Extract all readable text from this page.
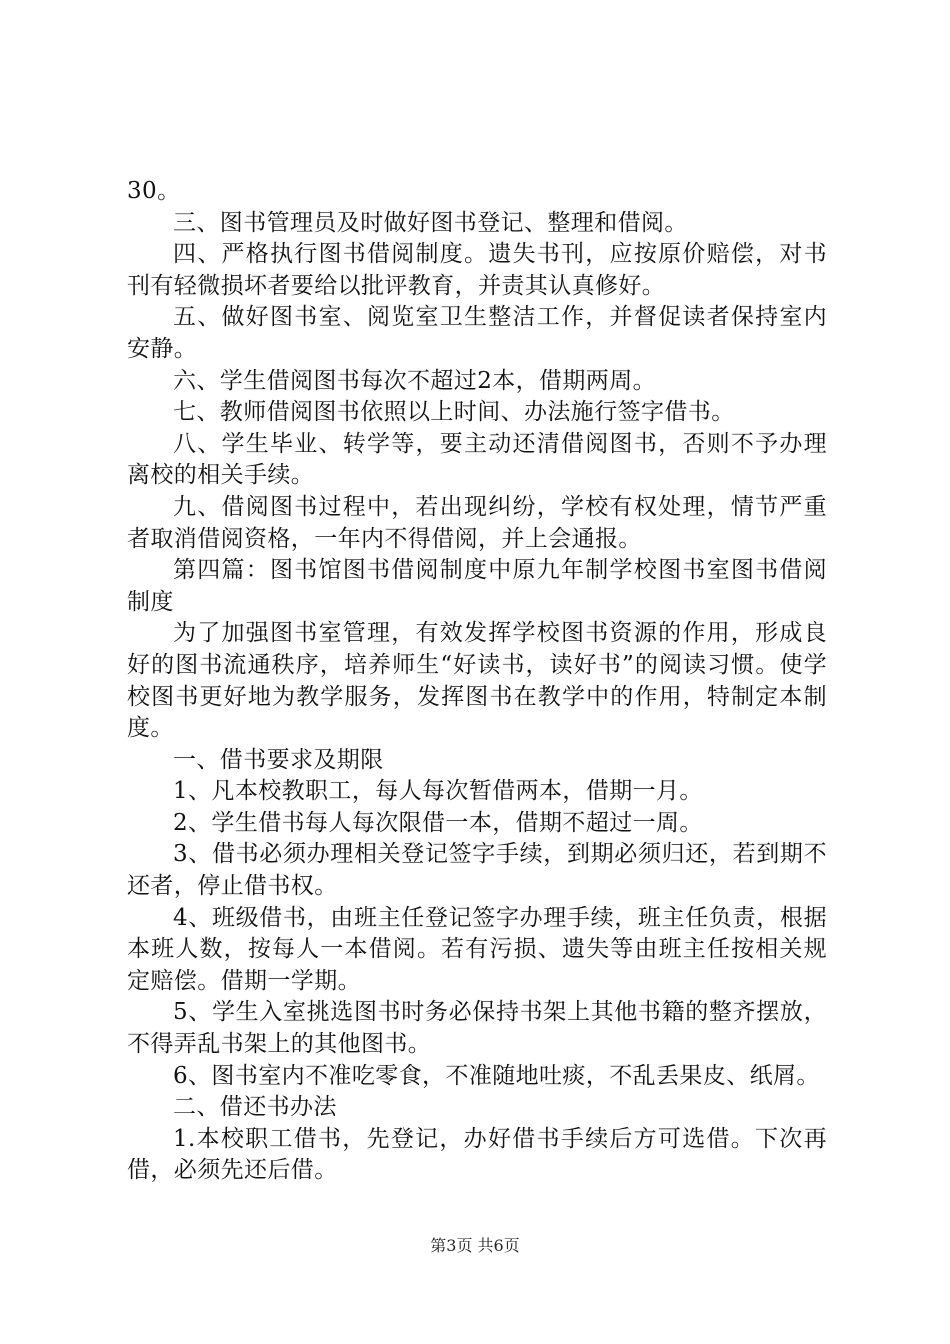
30。

三、图书管理员及时做好图书登记、整理和借阅。

四、严格执行图书借阅制度。遗失书刊，应按原价赔偿，对书刊有轻微损坏者要给以批评教育，并责其认真修好。

五、做好图书室、阅览室卫生整洁工作，并督促读者保持室内安静。

六、学生借阅图书每次不超过2本，借期两周。

七、教师借阅图书依照以上时间、办法施行签字借书。

八、学生毕业、转学等，要主动还清借阅图书，否则不予办理离校的相关手续。

九、借阅图书过程中，若出现纠纷，学校有权处理，情节严重者取消借阅资格，一年内不得借阅，并上会通报。

第四篇：图书馆图书借阅制度中原九年制学校图书室图书借阅制度

为了加强图书室管理，有效发挥学校图书资源的作用，形成良好的图书流通秩序，培养师生“好读书，读好书”的阅读习惯。使学校图书更好地为教学服务，发挥图书在教学中的作用，特制定本制度。

一、借书要求及期限

1、凡本校教职工，每人每次暂借两本，借期一月。

2、学生借书每人每次限借一本，借期不超过一周。

3、借书必须办理相关登记签字手续，到期必须归还，若到期不还者，停止借书权。

4、班级借书，由班主任登记签字办理手续，班主任负责，根据本班人数，按每人一本借阅。若有污损、遗失等由班主任按相关规定赔偿。借期一学期。

5、学生入室挑选图书时务必保持书架上其他书籍的整齐摆放，不得弄乱书架上的其他图书。

6、图书室内不准吃零食，不准随地吐痰，不乱丢果皮、纸屑。

二、借还书办法

1.本校职工借书，先登记，办好借书手续后方可选借。下次再借，必须先还后借。

第3页 共6页
